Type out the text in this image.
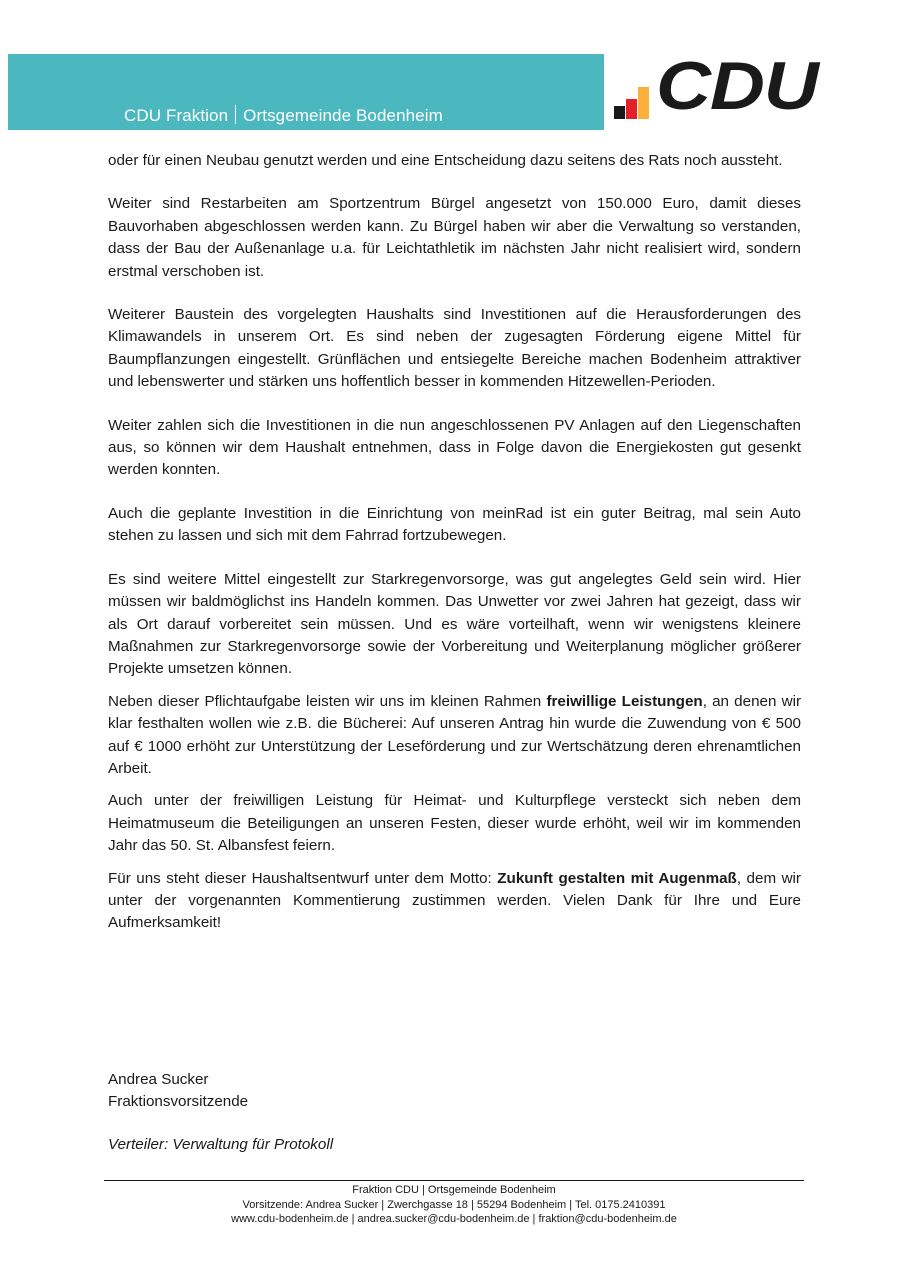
CDU Fraktion Ortsgemeinde Bodenheim	CDU

oder für einen Neubau genutzt werden und eine Entscheidung dazu seitens des Rats noch aussteht.

Weiter sind Restarbeiten am Sportzentrum Bürgel angesetzt von 150.000 Euro, damit dieses Bauvorhaben abgeschlossen werden kann. Zu Bürgel haben wir aber die Verwaltung so verstanden, dass der Bau der Außenanlage u.a. für Leichtathletik im nächsten Jahr nicht realisiert wird, sondern erstmal verschoben ist.

Weiterer Baustein des vorgelegten Haushalts sind Investitionen auf die Herausforderungen des Klimawandels in unserem Ort. Es sind neben der zugesagten Förderung eigene Mittel für Baumpflanzungen eingestellt. Grünflächen und entsiegelte Bereiche machen Bodenheim attraktiver und lebenswerter und stärken uns hoffentlich besser in kommenden Hitzewellen-Perioden.

Weiter zahlen sich die Investitionen in die nun angeschlossenen PV Anlagen auf den Liegenschaften aus, so können wir dem Haushalt entnehmen, dass in Folge davon die Energiekosten gut gesenkt werden konnten.

Auch die geplante Investition in die Einrichtung von meinRad ist ein guter Beitrag, mal sein Auto stehen zu lassen und sich mit dem Fahrrad fortzubewegen.

Es sind weitere Mittel eingestellt zur Starkregenvorsorge, was gut angelegtes Geld sein wird. Hier müssen wir baldmöglichst ins Handeln kommen. Das Unwetter vor zwei Jahren hat gezeigt, dass wir als Ort darauf vorbereitet sein müssen. Und es wäre vorteilhaft, wenn wir wenigstens kleinere Maßnahmen zur Starkregenvorsorge sowie der Vorbereitung und Weiterplanung möglicher größerer Projekte umsetzen können.

Neben dieser Pflichtaufgabe leisten wir uns im kleinen Rahmen freiwillige Leistungen, an denen wir klar festhalten wollen wie z.B. die Bücherei: Auf unseren Antrag hin wurde die Zuwendung von € 500 auf € 1000 erhöht zur Unterstützung der Leseförderung und zur Wertschätzung deren ehrenamtlichen Arbeit.

Auch unter der freiwilligen Leistung für Heimat- und Kulturpflege versteckt sich neben dem Heimatmuseum die Beteiligungen an unseren Festen, dieser wurde erhöht, weil wir im kommenden Jahr das 50. St. Albansfest feiern.

Für uns steht dieser Haushaltsentwurf unter dem Motto: Zukunft gestalten mit Augenmaß, dem wir unter der vorgenannten Kommentierung zustimmen werden. Vielen Dank für Ihre und Eure Aufmerksamkeit!

Andrea Sucker
Fraktionsvorsitzende
Verteiler: Verwaltung für Protokoll
Fraktion CDU | Ortsgemeinde Bodenheim
Vorsitzende: Andrea Sucker | Zwerchgasse 18 | 55294 Bodenheim | Tel. 0175.2410391
www.cdu-bodenheim.de | andrea.sucker@cdu-bodenheim.de | fraktion@cdu-bodenheim.de
